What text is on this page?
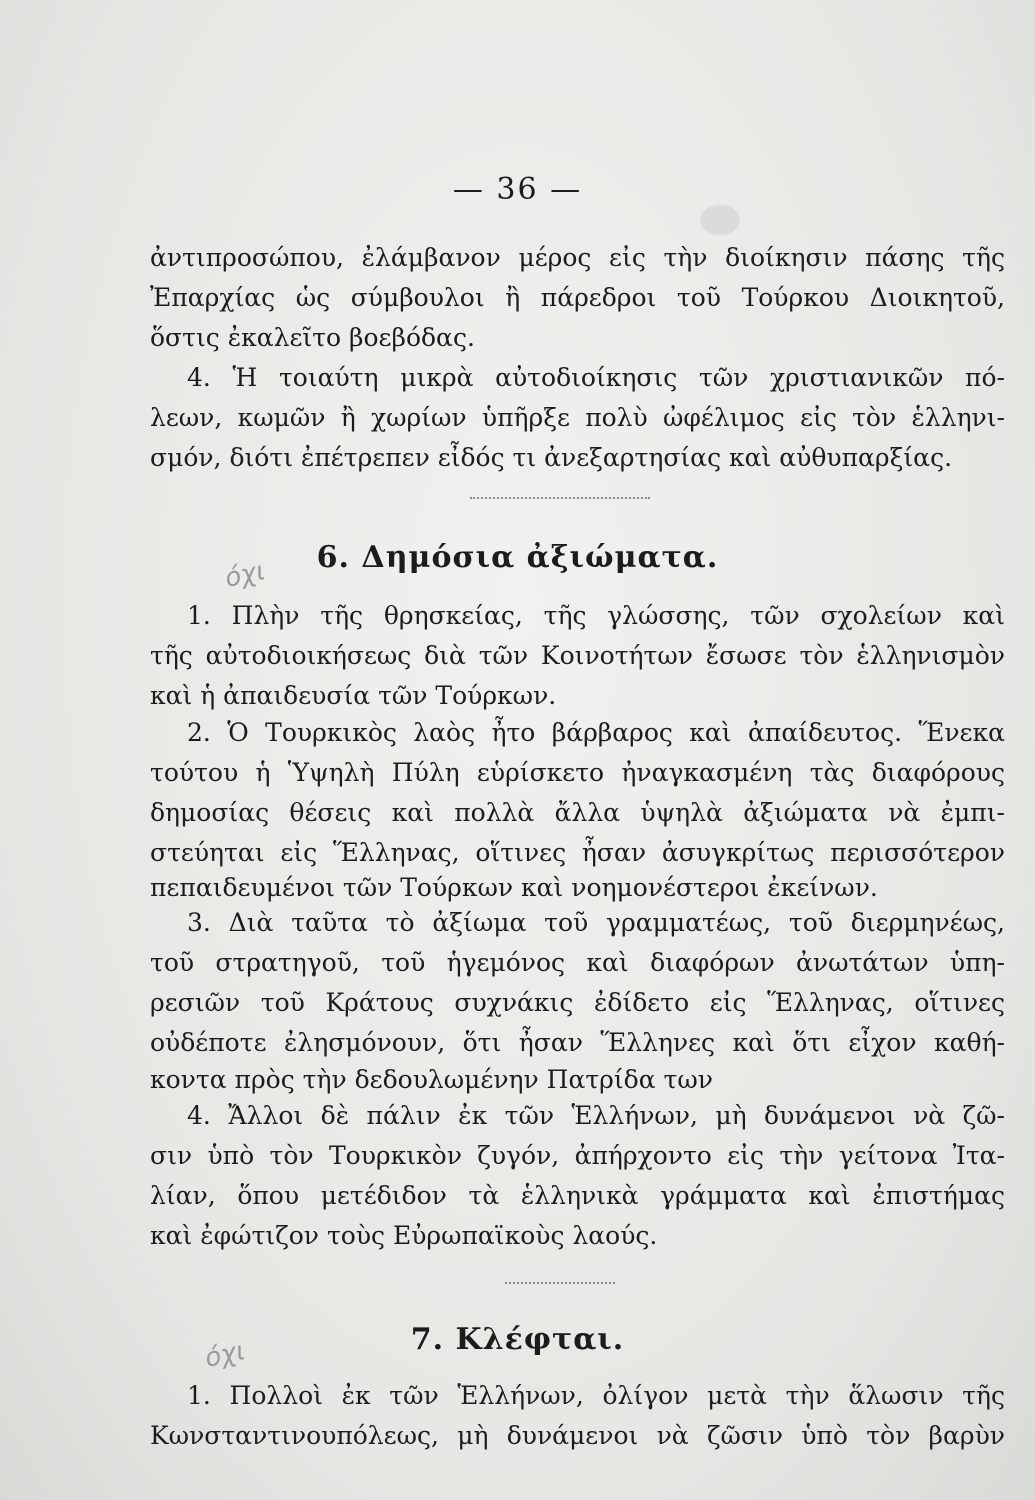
— 36 —
ἀντιπροσώπου, ἐλάμβανον μέρος εἰς τὴν διοίκησιν πάσης τῆς
Ἐπαρχίας ὡς σύμβουλοι ἢ πάρεδροι τοῦ Τούρκου Διοικητοῦ,
ὅστις ἐκαλεῖτο βοεβόδας.
4. Ἡ τοιαύτη μικρὰ αὐτοδιοίκησις τῶν χριστιανικῶν πό-
λεων, κωμῶν ἢ χωρίων ὑπῆρξε πολὺ ὠφέλιμος εἰς τὸν ἑλληνι-
σμόν, διότι ἐπέτρεπεν εἶδός τι ἀνεξαρτησίας καὶ αὐθυπαρξίας.
όχι	6. Δημόσια ἀξιώματα.
1. Πλὴν τῆς θρησκείας, τῆς γλώσσης, τῶν σχολείων καὶ
τῆς αὐτοδιοικήσεως διὰ τῶν Κοινοτήτων ἔσωσε τὸν ἑλληνισμὸν
καὶ ἡ ἀπαιδευσία τῶν Τούρκων.
2. Ὁ Τουρκικὸς λαὸς ἦτο βάρβαρος καὶ ἀπαίδευτος. Ἕνεκα
τούτου ἡ Ὑψηλὴ Πύλη εὑρίσκετο ἠναγκασμένη τὰς διαφόρους
δημοσίας θέσεις καὶ πολλὰ ἄλλα ὑψηλὰ ἀξιώματα νὰ ἐμπι-
στεύηται εἰς Ἕλληνας, οἵτινες ἦσαν ἀσυγκρίτως περισσότερον
πεπαιδευμένοι τῶν Τούρκων καὶ νοημονέστεροι ἐκείνων.
3. Διὰ ταῦτα τὸ ἀξίωμα τοῦ γραμματέως, τοῦ διερμηνέως,
τοῦ στρατηγοῦ, τοῦ ἡγεμόνος καὶ διαφόρων ἀνωτάτων ὑπη-
ρεσιῶν τοῦ Κράτους συχνάκις ἐδίδετο εἰς Ἕλληνας, οἵτινες
οὐδέποτε ἐλησμόνουν, ὅτι ἦσαν Ἕλληνες καὶ ὅτι εἶχον καθή-
κοντα πρὸς τὴν δεδουλωμένην Πατρίδα των
4. Ἄλλοι δὲ πάλιν ἐκ τῶν Ἑλλήνων, μὴ δυνάμενοι νὰ ζῶ-
σιν ὑπὸ τὸν Τουρκικὸν ζυγόν, ἀπήρχοντο εἰς τὴν γείτονα Ἰτα-
λίαν, ὅπου μετέδιδον τὰ ἑλληνικὰ γράμματα καὶ ἐπιστήμας
καὶ ἐφώτιζον τοὺς Εὐρωπαϊκοὺς λαούς.
όχι	7. Κλέφται.
1. Πολλοὶ ἐκ τῶν Ἑλλήνων, ὀλίγον μετὰ τὴν ἅλωσιν τῆς
Κωνσταντινουπόλεως, μὴ δυνάμενοι νὰ ζῶσιν ὑπὸ τὸν βαρὺν
